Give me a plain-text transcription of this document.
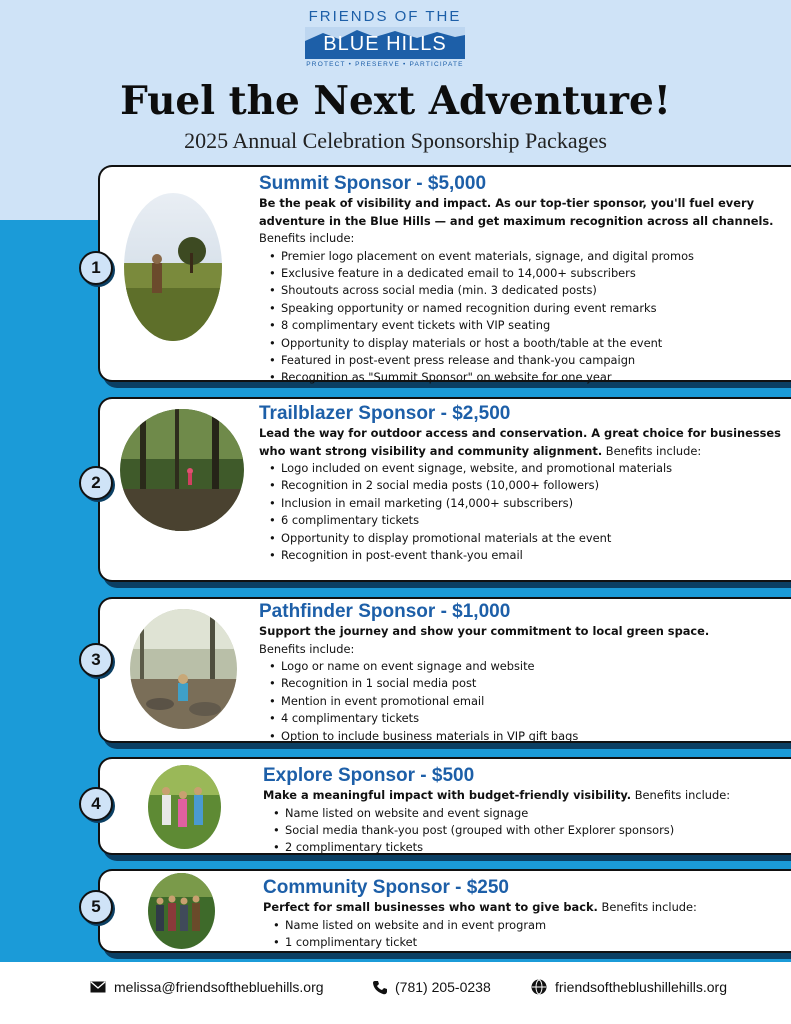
FRIENDS OF THE
BLUE HILLS
PROTECT • PRESERVE • PARTICIPATE
Fuel the Next Adventure!
2025 Annual Celebration Sponsorship Packages
Summit Sponsor - $5,000
Be the peak of visibility and impact. As our top-tier sponsor, you'll fuel every adventure in the Blue Hills — and get maximum recognition across all channels. Benefits include:
• Premier logo placement on event materials, signage, and digital promos
• Exclusive feature in a dedicated email to 14,000+ subscribers
• Shoutouts across social media (min. 3 dedicated posts)
• Speaking opportunity or named recognition during event remarks
• 8 complimentary event tickets with VIP seating
• Opportunity to display materials or host a booth/table at the event
• Featured in post-event press release and thank-you campaign
• Recognition as "Summit Sponsor" on website for one year
1
Trailblazer Sponsor - $2,500
Lead the way for outdoor access and conservation. A great choice for businesses who want strong visibility and community alignment. Benefits include:
• Logo included on event signage, website, and promotional materials
• Recognition in 2 social media posts (10,000+ followers)
• Inclusion in email marketing (14,000+ subscribers)
• 6 complimentary tickets
• Opportunity to display promotional materials at the event
• Recognition in post-event thank-you email
2
Pathfinder Sponsor - $1,000
Support the journey and show your commitment to local green space.
Benefits include:
• Logo or name on event signage and website
• Recognition in 1 social media post
• Mention in event promotional email
• 4 complimentary tickets
• Option to include business materials in VIP gift bags
3
Explore Sponsor - $500
Make a meaningful impact with budget-friendly visibility. Benefits include:
• Name listed on website and event signage
• Social media thank-you post (grouped with other Explorer sponsors)
• 2 complimentary tickets
4
Community Sponsor - $250
Perfect for small businesses who want to give back. Benefits include:
• Name listed on website and in event program
• 1 complimentary ticket
5
melissa@friendsofthebluehills.org	(781) 205-0238	friendsoftheblushillehills.org
